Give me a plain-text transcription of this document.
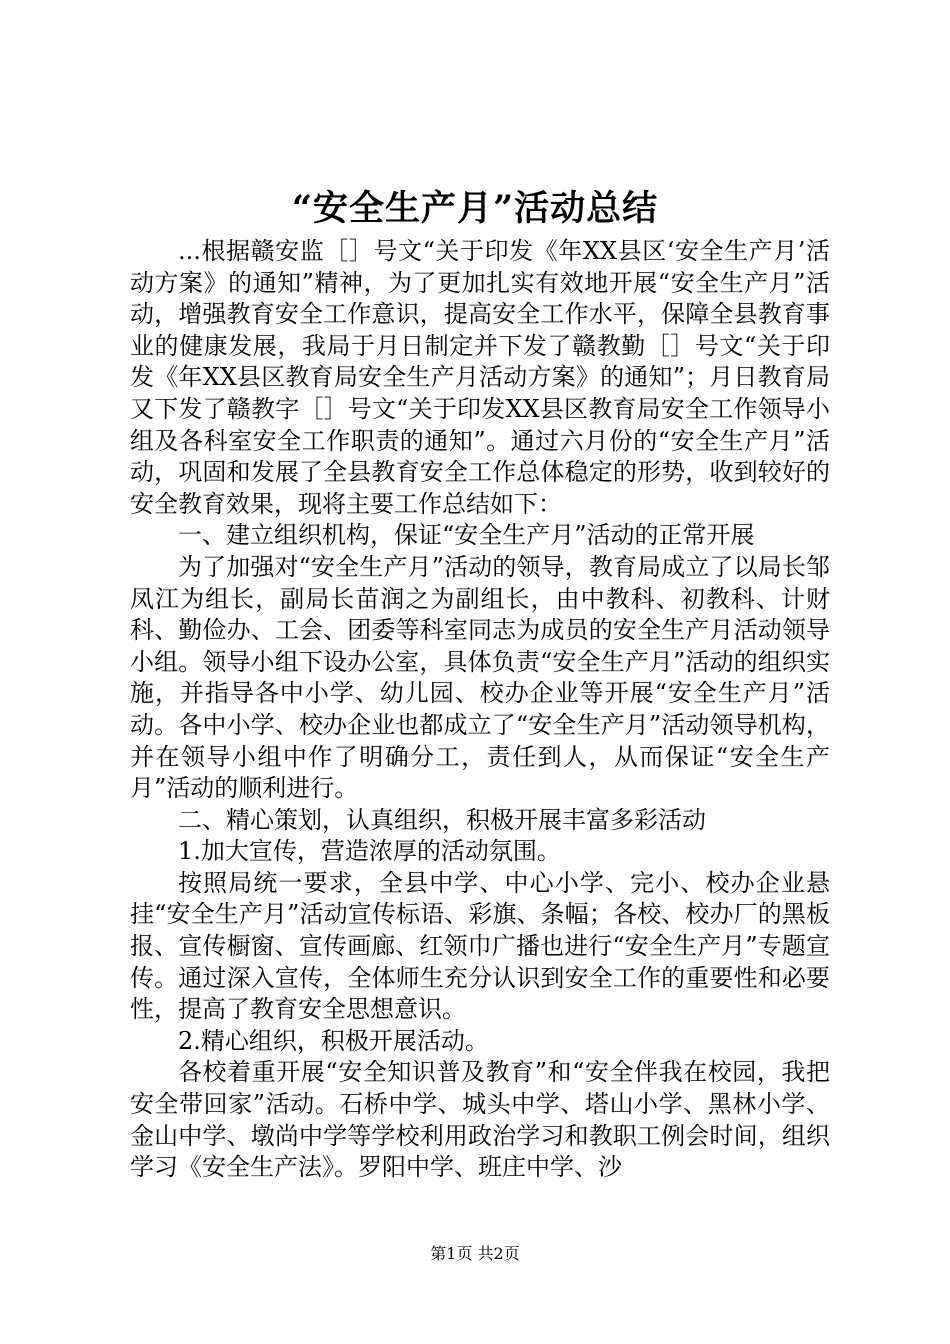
“安全生产月”活动总结

...根据赣安监［］号文“关于印发《年XX县区‘安全生产月’活动方案》的通知”精神，为了更加扎实有效地开展“安全生产月”活动，增强教育安全工作意识，提高安全工作水平，保障全县教育事业的健康发展，我局于月日制定并下发了赣教勤［］号文“关于印发《年XX县区教育局安全生产月活动方案》的通知”；月日教育局又下发了赣教字［］号文“关于印发XX县区教育局安全工作领导小组及各科室安全工作职责的通知”。通过六月份的“安全生产月”活动，巩固和发展了全县教育安全工作总体稳定的形势，收到较好的安全教育效果，现将主要工作总结如下：

一、建立组织机构，保证“安全生产月”活动的正常开展

为了加强对“安全生产月”活动的领导，教育局成立了以局长邹凤江为组长，副局长苗润之为副组长，由中教科、初教科、计财科、勤俭办、工会、团委等科室同志为成员的安全生产月活动领导小组。领导小组下设办公室，具体负责“安全生产月”活动的组织实施，并指导各中小学、幼儿园、校办企业等开展“安全生产月”活动。各中小学、校办企业也都成立了“安全生产月”活动领导机构，并在领导小组中作了明确分工，责任到人，从而保证“安全生产月”活动的顺利进行。

二、精心策划，认真组织，积极开展丰富多彩活动

1.加大宣传，营造浓厚的活动氛围。

按照局统一要求，全县中学、中心小学、完小、校办企业悬挂“安全生产月”活动宣传标语、彩旗、条幅；各校、校办厂的黑板报、宣传橱窗、宣传画廊、红领巾广播也进行“安全生产月”专题宣传。通过深入宣传，全体师生充分认识到安全工作的重要性和必要性，提高了教育安全思想意识。

2.精心组织，积极开展活动。

各校着重开展“安全知识普及教育”和“安全伴我在校园，我把安全带回家”活动。石桥中学、城头中学、塔山小学、黑林小学、金山中学、墩尚中学等学校利用政治学习和教职工例会时间，组织学习《安全生产法》。罗阳中学、班庄中学、沙

第1页 共2页
